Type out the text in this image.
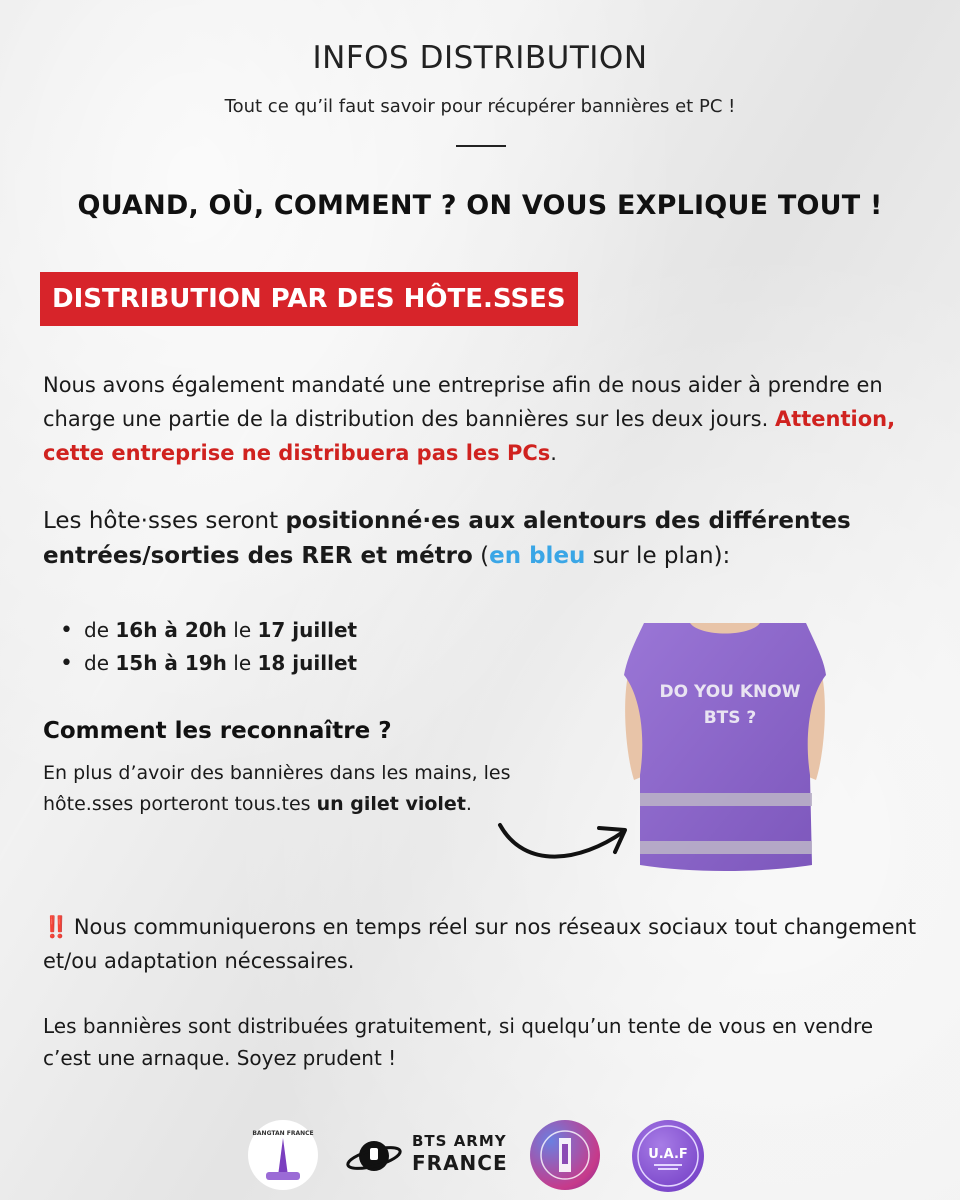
INFOS DISTRIBUTION
Tout ce qu’il faut savoir pour récupérer bannières et PC !
QUAND, OÙ, COMMENT ? ON VOUS EXPLIQUE TOUT !
DISTRIBUTION PAR DES HÔTE.SSES
Nous avons également mandaté une entreprise afin de nous aider à prendre en charge une partie de la distribution des bannières sur les deux jours. Attention, cette entreprise ne distribuera pas les PCs.
Les hôte·sses seront positionné·es aux alentours des différentes entrées/sorties des RER et métro (en bleu sur le plan):
• de 16h à 20h le 17 juillet
• de 15h à 19h le 18 juillet
Comment les reconnaître ?
En plus d’avoir des bannières dans les mains, les hôte.sses porteront tous.tes un gilet violet.
DO YOU KNOW
BTS ?
‼️ Nous communiquerons en temps réel sur nos réseaux sociaux tout changement et/ou adaptation nécessaires.
Les bannières sont distribuées gratuitement, si quelqu’un tente de vous en vendre c’est une arnaque. Soyez prudent !
BANGTAN FRANCE	BTS ARMY
FRANCE	U.A.F
